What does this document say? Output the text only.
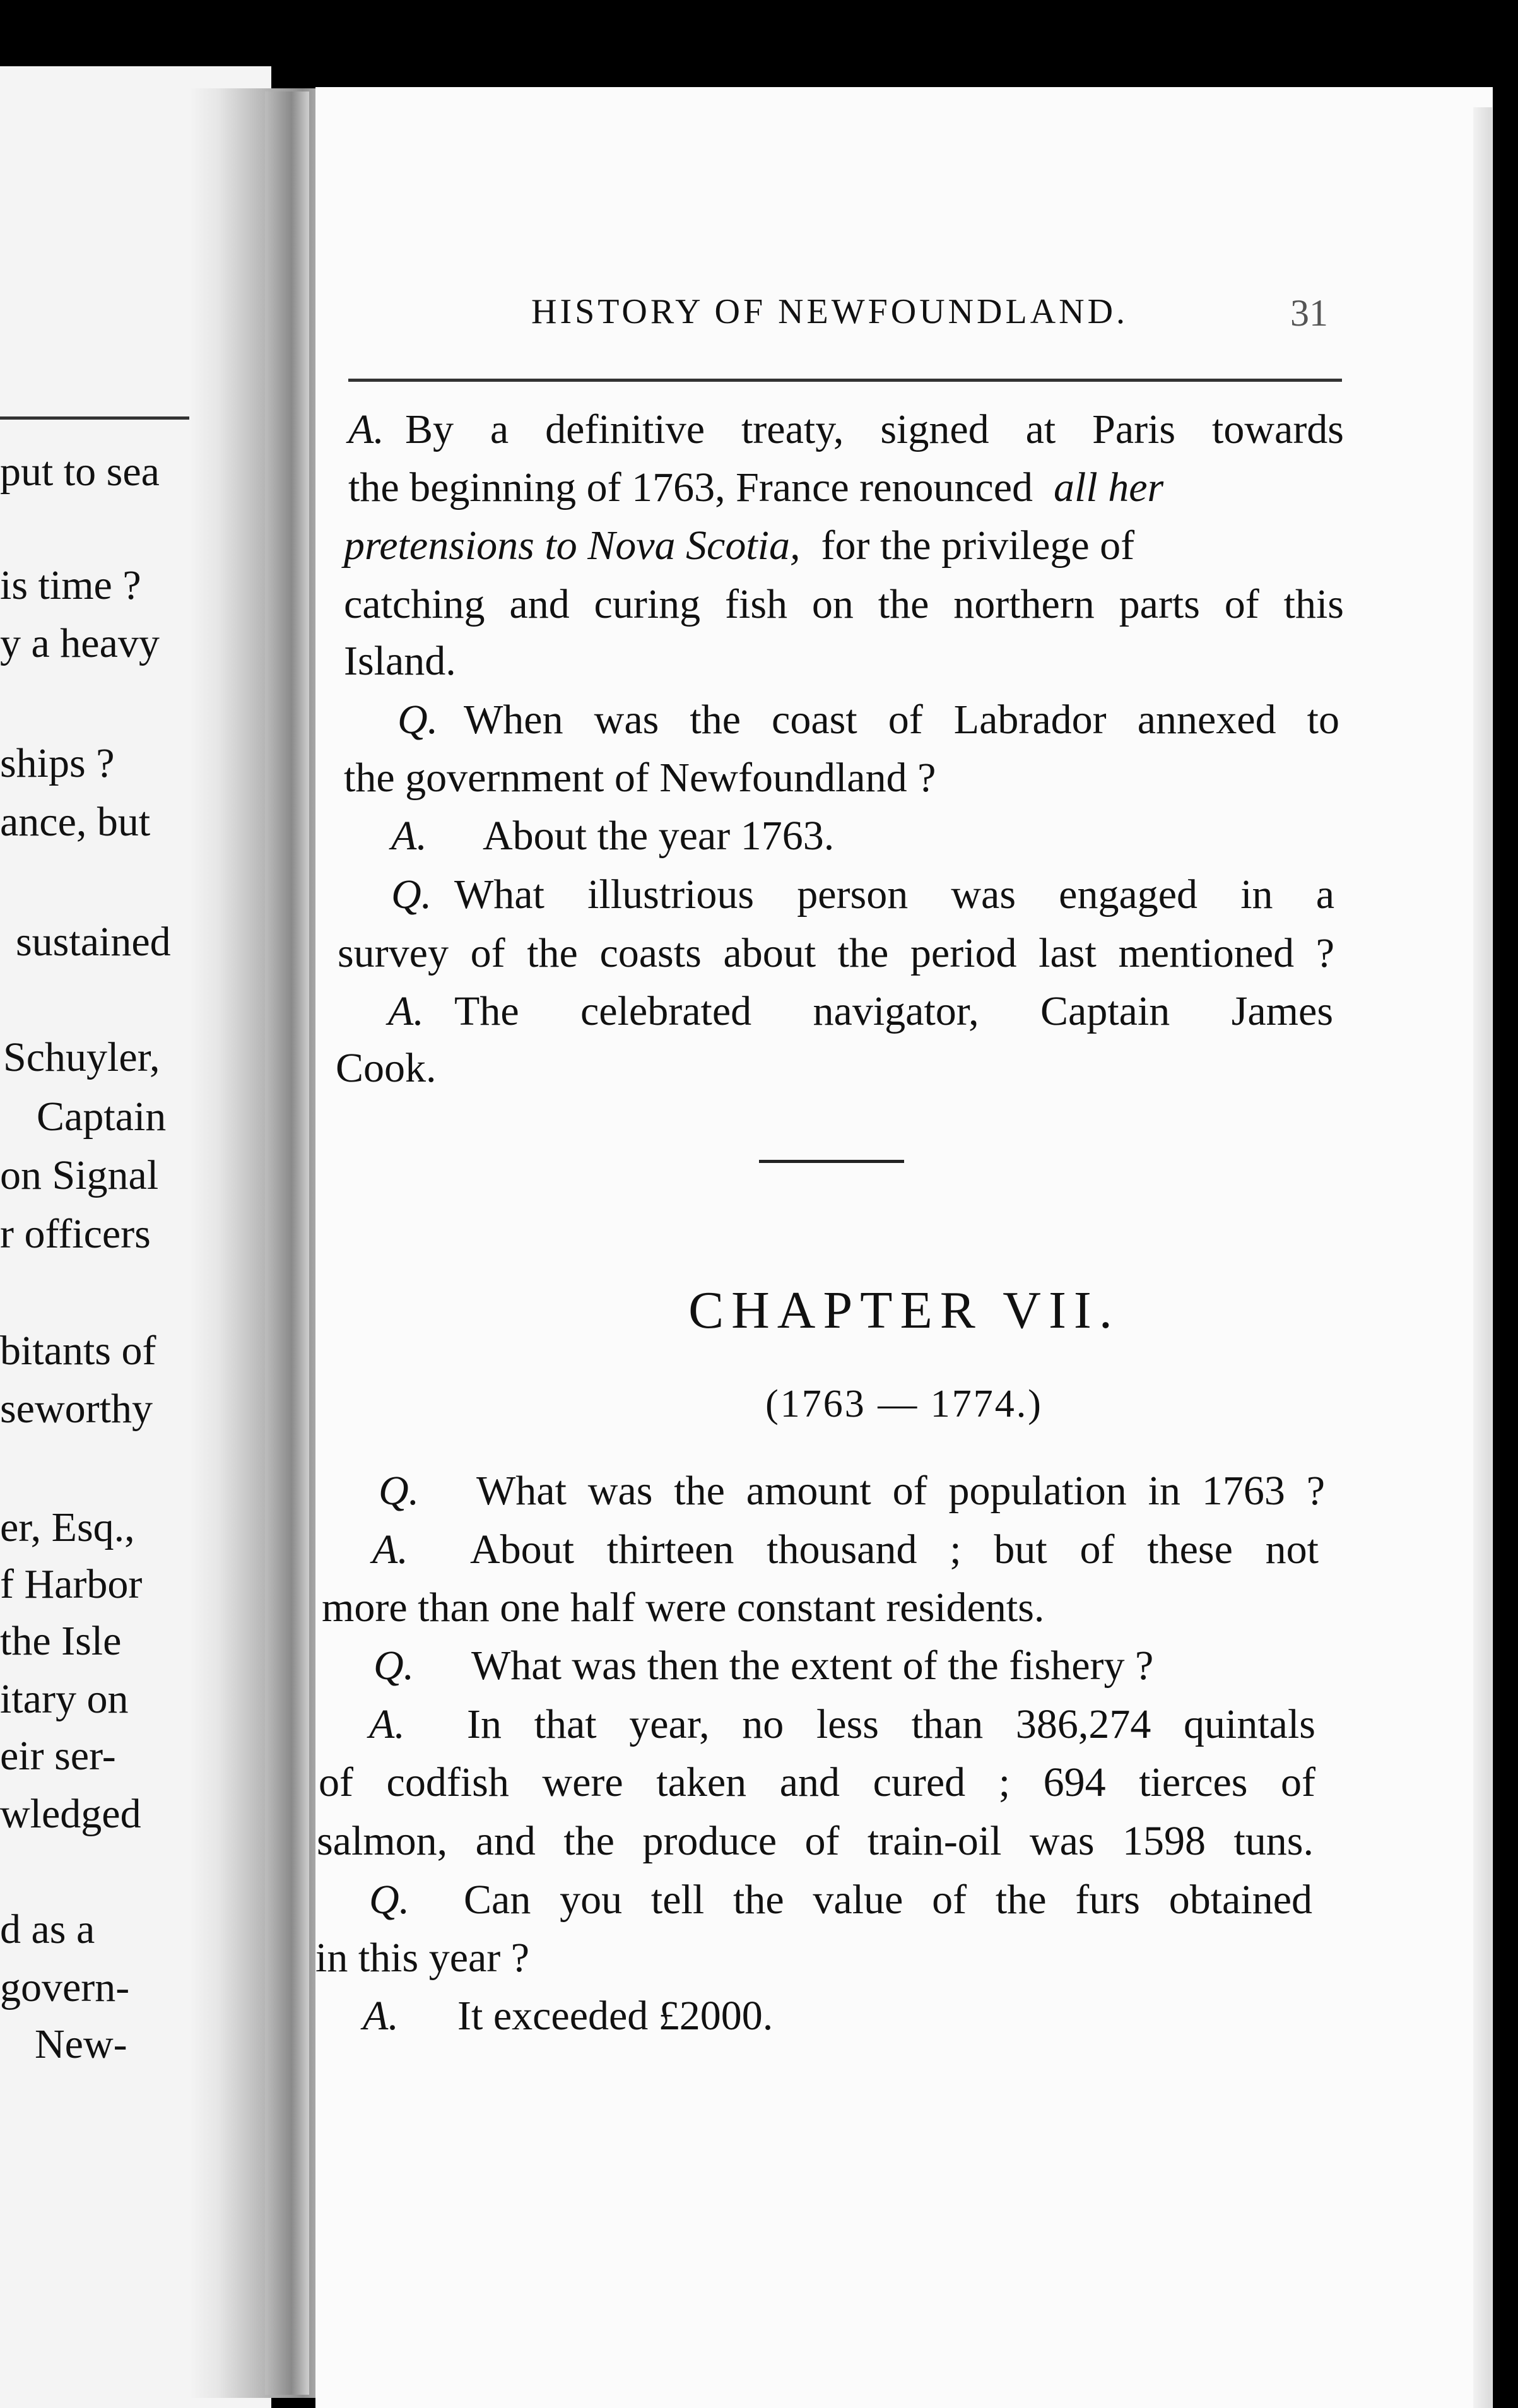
put to sea
is time ?
y a heavy
ships ?
ance, but
sustained
Schuyler,
Captain
on Signal
r officers
bitants of
seworthy
er, Esq.,
f Harbor
the Isle
itary on
eir ser-
wledged
d as a
govern-
New-
HISTORY OF NEWFOUNDLAND.	31
A. By a definitive treaty, signed at Paris towards
the beginning of 1763, France renounced all her
pretensions to Nova Scotia, for the privilege of
catching and curing fish on the northern parts of this
Island.
Q. When was the coast of Labrador annexed to
the government of Newfoundland ?
A. About the year 1763.
Q. What illustrious person was engaged in a
survey of the coasts about the period last mentioned ?
A. The celebrated navigator, Captain James
Cook.
CHAPTER VII.
(1763 — 1774.)
Q. What was the amount of population in 1763 ?
A. About thirteen thousand ; but of these not
more than one half were constant residents.
Q. What was then the extent of the fishery ?
A. In that year, no less than 386,274 quintals
of codfish were taken and cured ; 694 tierces of
salmon, and the produce of train-oil was 1598 tuns.
Q. Can you tell the value of the furs obtained
in this year ?
A. It exceeded £2000.
